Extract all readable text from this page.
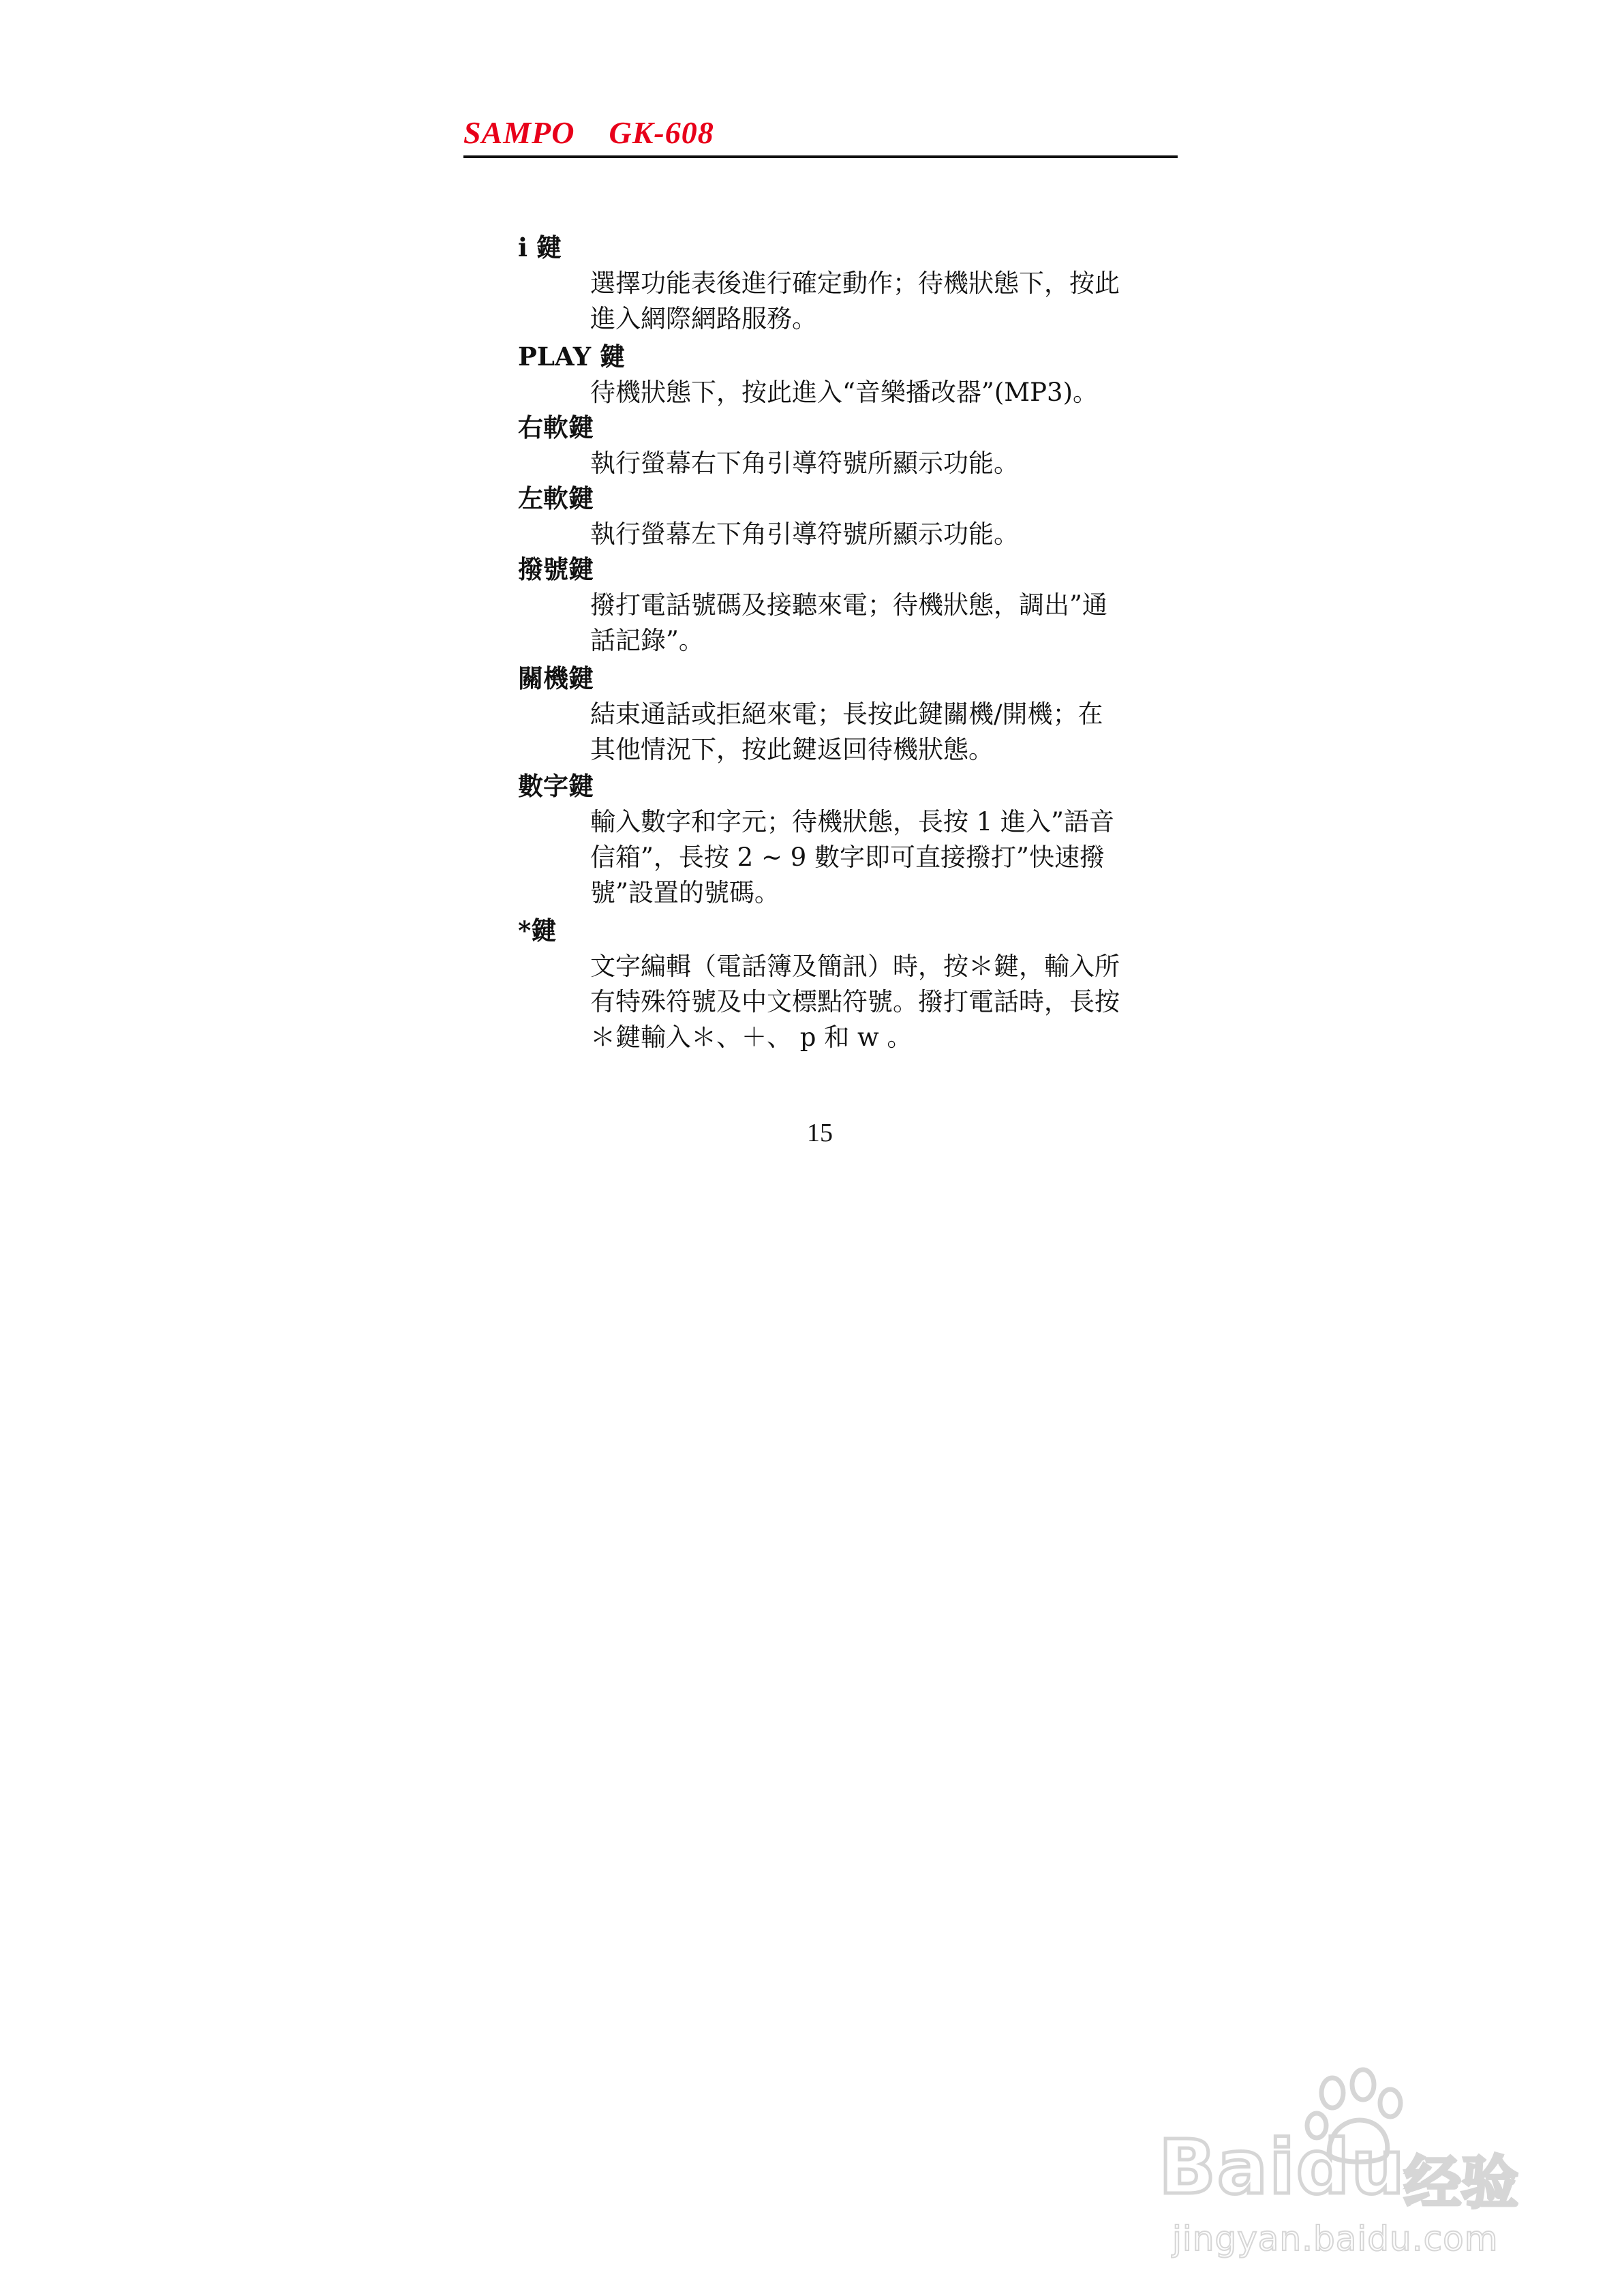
SAMPO    GK-608
i 鍵
選擇功能表後進行確定動作；待機狀態下，按此
進入網際網路服務。
PLAY 鍵
待機狀態下，按此進入“音樂播改器”(MP3)。
右軟鍵
執行螢幕右下角引導符號所顯示功能。
左軟鍵
執行螢幕左下角引導符號所顯示功能。
撥號鍵
撥打電話號碼及接聽來電；待機狀態，調出”通
話記錄”。
關機鍵
結束通話或拒絕來電；長按此鍵關機/開機；在
其他情況下，按此鍵返回待機狀態。
數字鍵
輸入數字和字元；待機狀態，長按 1 進入”語音
信箱”，長按 2 ~ 9 數字即可直接撥打”快速撥
號”設置的號碼。
*鍵
文字編輯（電話簿及簡訊）時，按＊鍵，輸入所
有特殊符號及中文標點符號。撥打電話時，長按
＊鍵輸入＊、＋、 p 和 w 。
15
Baidu
经验
jingyan.baidu.com
